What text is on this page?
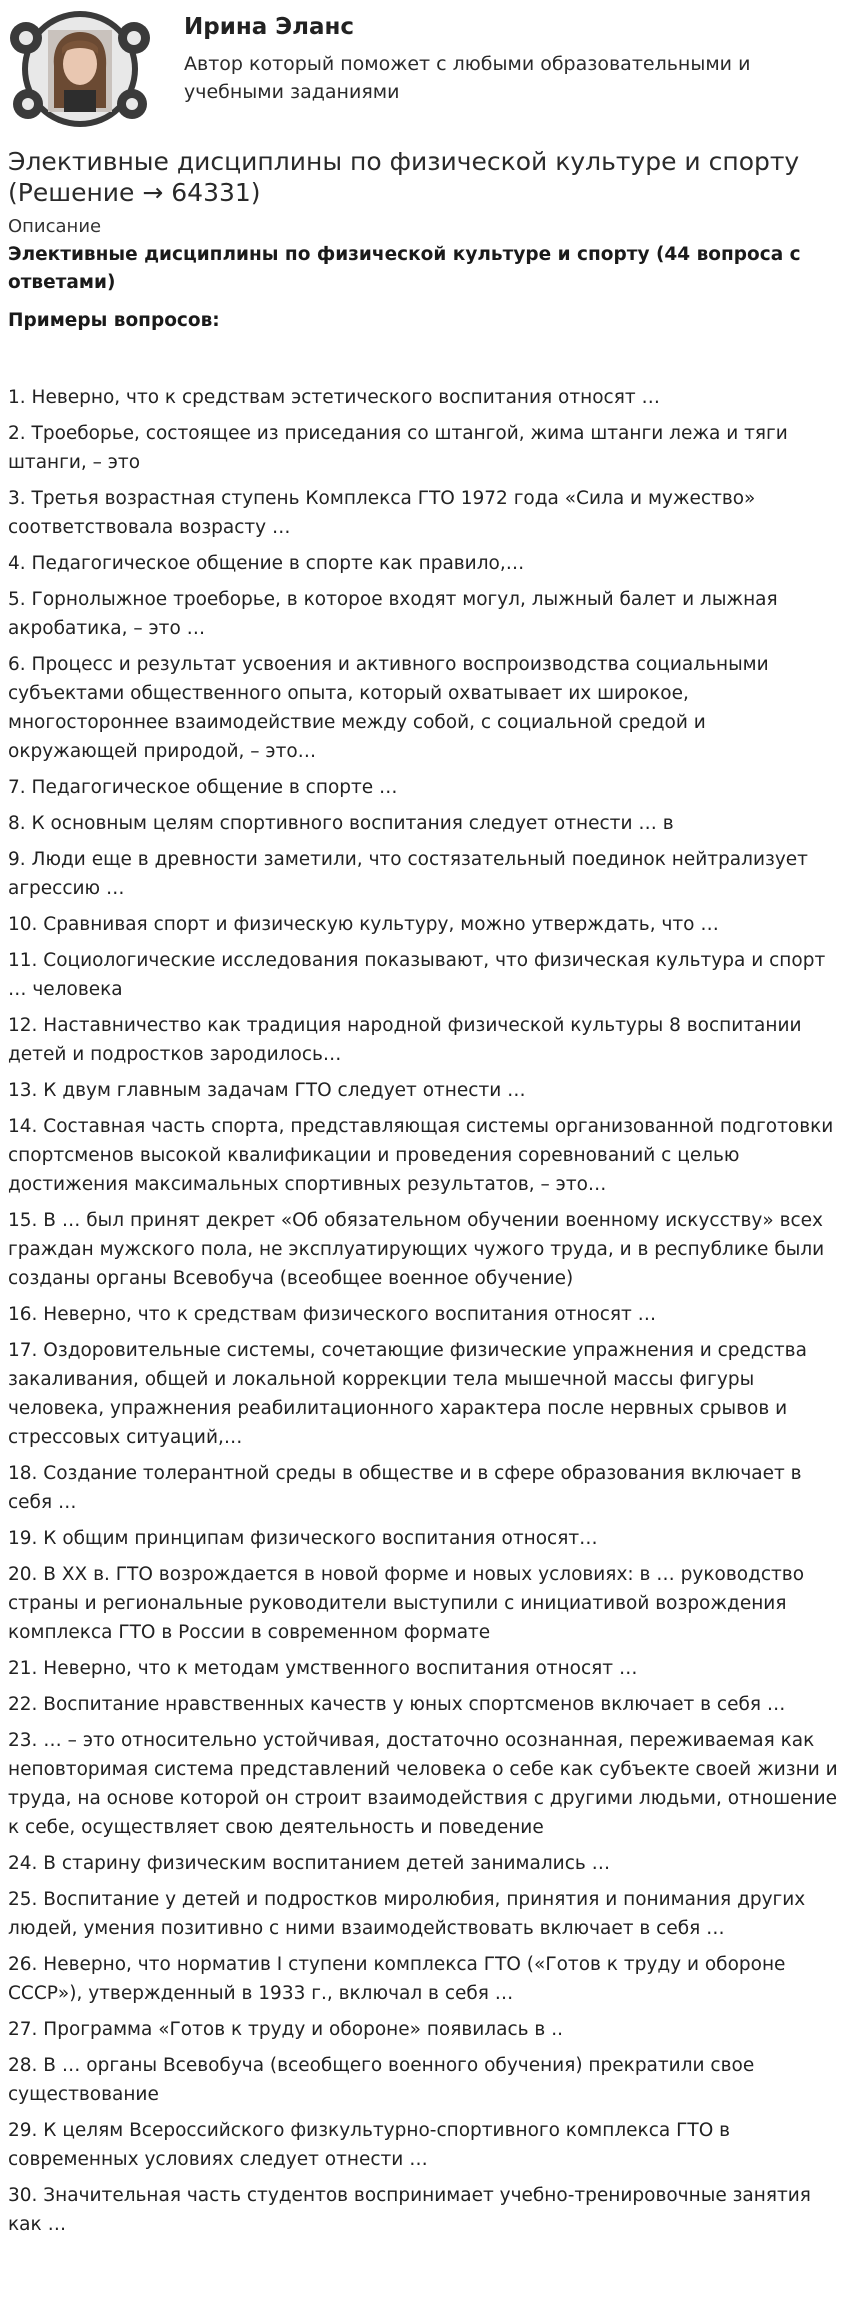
Ирина Эланс
Автор который поможет с любыми образовательными и учебными заданиями
Элективные дисциплины по физической культуре и спорту (Решение → 64331)
Описание
Элективные дисциплины по физической культуре и спорту (44 вопроса с ответами)
Примеры вопросов:
1. Неверно, что к средствам эстетического воспитания относят …
2. Троеборье, состоящее из приседания со штангой, жима штанги лежа и тяги штанги, – это
3. Третья возрастная ступень Комплекса ГТО 1972 года «Сила и мужество» соответствовала возрасту …
4. Педагогическое общение в спорте как правило,…
5. Горнолыжное троеборье, в которое входят могул, лыжный балет и лыжная акробатика, – это …
6. Процесс и результат усвоения и активного воспроизводства социальными субъектами общественного опыта, который охватывает их широкое, многостороннее взаимодействие между собой, с социальной средой и окружающей природой, – это…
7. Педагогическое общение в спорте …
8. К основным целям спортивного воспитания следует отнести … в
9. Люди еще в древности заметили, что состязательный поединок нейтрализует агрессию …
10. Сравнивая спорт и физическую культуру, можно утверждать, что …
11. Социологические исследования показывают, что физическая культура и спорт … человека
12. Наставничество как традиция народной физической культуры 8 воспитании детей и подростков зародилось…
13. К двум главным задачам ГТО следует отнести …
14. Составная часть спорта, представляющая системы организованной подготовки спортсменов высокой квалификации и проведения соревнований с целью достижения максимальных спортивных результатов, – это…
15. В … был принят декрет «Об обязательном обучении военному искусству» всех граждан мужского пола, не эксплуатирующих чужого труда, и в республике были созданы органы Всевобуча (всеобщее военное обучение)
16. Неверно, что к средствам физического воспитания относят …
17. Оздоровительные системы, сочетающие физические упражнения и средства закаливания, общей и локальной коррекции тела мышечной массы фигуры человека, упражнения реабилитационного характера после нервных срывов и стрессовых ситуаций,…
18. Создание толерантной среды в обществе и в сфере образования включает в себя …
19. К общим принципам физического воспитания относят…
20. В XX в. ГТО возрождается в новой форме и новых условиях: в … руководство страны и региональные руководители выступили с инициативой возрождения комплекса ГТО в России в современном формате
21. Неверно, что к методам умственного воспитания относят …
22. Воспитание нравственных качеств у юных спортсменов включает в себя …
23. … – это относительно устойчивая, достаточно осознанная, переживаемая как неповторимая система представлений человека о себе как субъекте своей жизни и труда, на основе которой он строит взаимодействия с другими людьми, отношение к себе, осуществляет свою деятельность и поведение
24. В старину физическим воспитанием детей занимались …
25. Воспитание у детей и подростков миролюбия, принятия и понимания других людей, умения позитивно с ними взаимодействовать включает в себя …
26. Неверно, что норматив I ступени комплекса ГТО («Готов к труду и обороне СССР»), утвержденный в 1933 г., включал в себя …
27. Программа «Готов к труду и обороне» появилась в ..
28. В … органы Всевобуча (всеобщего военного обучения) прекратили свое существование
29. К целям Всероссийского физкультурно-спортивного комплекса ГТО в современных условиях следует отнести …
30. Значительная часть студентов воспринимает учебно-тренировочные занятия как …
